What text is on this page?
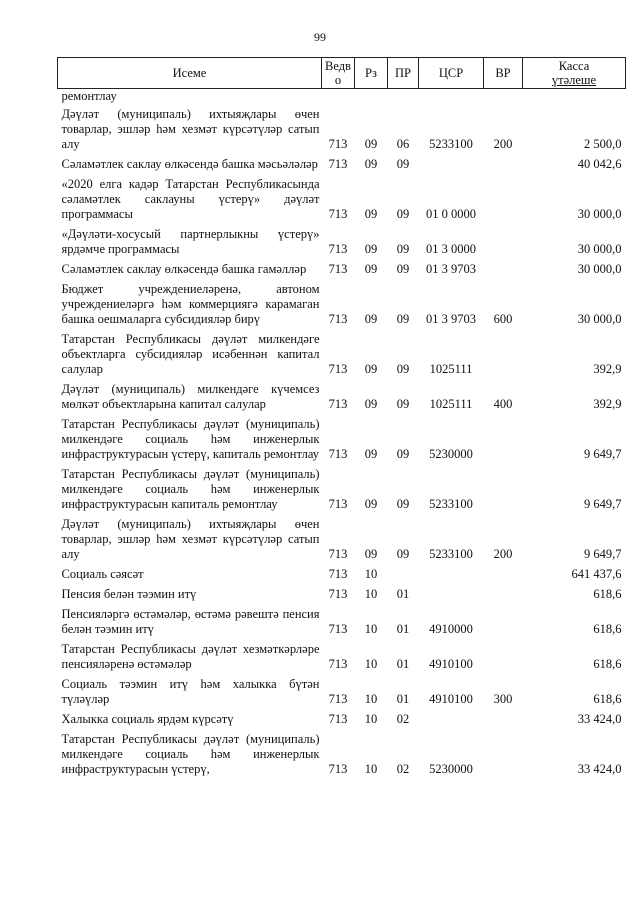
99
Исеме	Ведво	Рз	ПР	ЦСР	ВР	Касса
үтәлеше

ремонтлау						
Дәүләт (муниципаль) ихтыяҗлары өчен товарлар, эшләр һәм хезмәт күрсәтүләр сатып алу	713	09	06	5233100	200	2 500,0
Сәламәтлек саклау өлкәсендә башка мәсьәләләр	713	09	09			40 042,6
«2020 елга кадәр Татарстан Республикасында сәламәтлек саклауны үстерү» дәүләт программасы	713	09	09	01 0 0000		30 000,0
«Дәүләти-хосусый партнерлыкны үстерү» ярдәмче программасы	713	09	09	01 3 0000		30 000,0
Сәламәтлек саклау өлкәсендә башка гамәлләр	713	09	09	01 3 9703		30 000,0
Бюджет учреждениеләренә, автоном учреждениеләргә һәм коммерциягә карамаган башка оешмаларга субсидияләр бирү	713	09	09	01 3 9703	600	30 000,0
Татарстан Республикасы дәүләт милкендәге объектларга субсидияләр исәбеннән капитал салулар	713	09	09	1025111		392,9
Дәүләт (муниципаль) милкендәге күчемсез мөлкәт объектларына капитал салулар	713	09	09	1025111	400	392,9
Татарстан Республикасы дәүләт (муниципаль) милкендәге социаль һәм инженерлык инфраструктурасын үстерү, капиталь ремонтлау	713	09	09	5230000		9 649,7
Татарстан Республикасы дәүләт (муниципаль) милкендәге социаль һәм инженерлык инфраструктурасын капиталь ремонтлау	713	09	09	5233100		9 649,7
Дәүләт (муниципаль) ихтыяҗлары өчен товарлар, эшләр һәм хезмәт күрсәтүләр сатып алу	713	09	09	5233100	200	9 649,7
Социаль сәясәт	713	10				641 437,6
Пенсия белән тәэмин итү	713	10	01			618,6
Пенсияләргә өстәмәләр, өстәмә рәвештә пенсия белән тәэмин итү	713	10	01	4910000		618,6
Татарстан Республикасы дәүләт хезмәткәрләре пенсияләренә өстәмәләр	713	10	01	4910100		618,6
Социаль тәэмин итү һәм халыкка бүтән түләүләр	713	10	01	4910100	300	618,6
Халыкка социаль ярдәм күрсәтү	713	10	02			33 424,0
Татарстан Республикасы дәүләт (муниципаль) милкендәге социаль һәм инженерлык инфраструктурасын үстерү,	713	10	02	5230000		33 424,0
